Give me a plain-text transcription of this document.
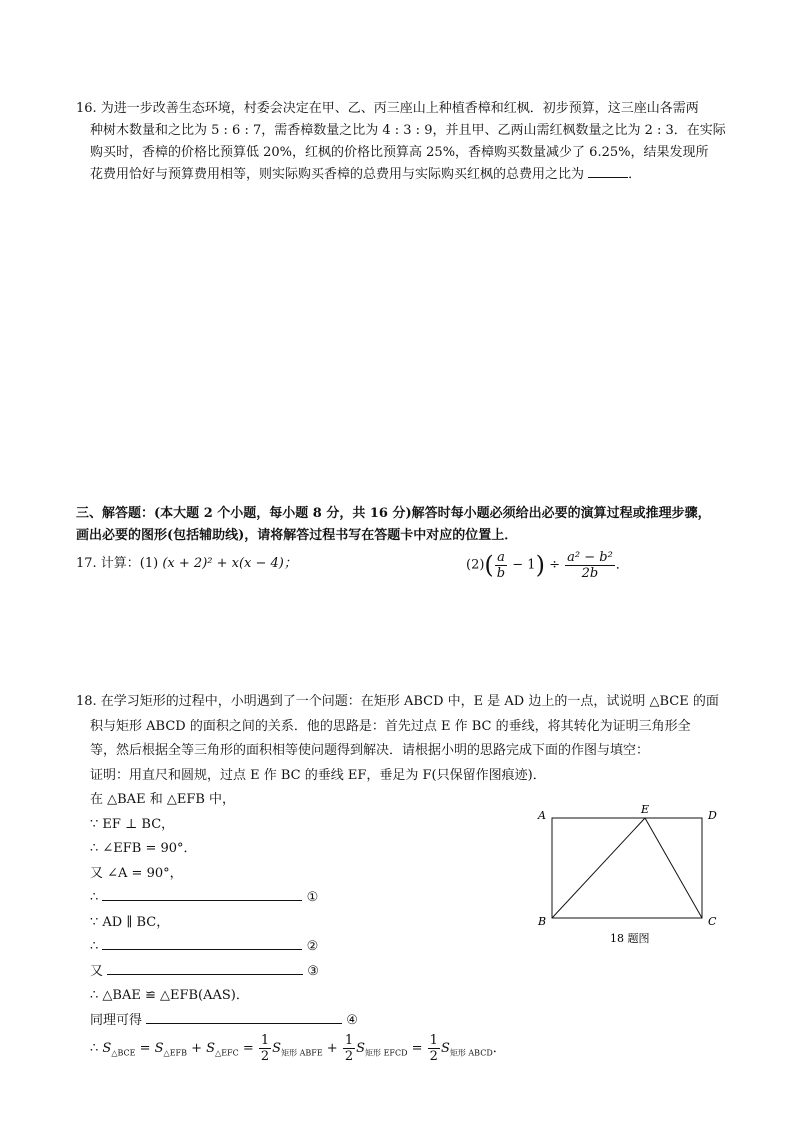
16. 为进一步改善生态环境，村委会决定在甲、乙、丙三座山上种植香樟和红枫．初步预算，这三座山各需两
种树木数量和之比为 5 : 6 : 7，需香樟数量之比为 4 : 3 : 9，并且甲、乙两山需红枫数量之比为 2 : 3．在实际
购买时，香樟的价格比预算低 20%，红枫的价格比预算高 25%，香樟购买数量减少了 6.25%，结果发现所
花费用恰好与预算费用相等，则实际购买香樟的总费用与实际购买红枫的总费用之比为	．
三、解答题：(本大题 2 个小题，每小题 8 分，共 16 分)解答时每小题必须给出必要的演算过程或推理步骤，
画出必要的图形(包括辅助线)，请将解答过程书写在答题卡中对应的位置上．
17. 计算：(1) (x + 2)² + x(x − 4)；	$(2)( \frac{a}{b} - 1) \div \frac{\text{a² − b²}}{2b}$ ．
18. 在学习矩形的过程中，小明遇到了一个问题：在矩形 ABCD 中，E 是 AD 边上的一点，试说明 △BCE 的面
积与矩形 ABCD 的面积之间的关系．他的思路是：首先过点 E 作 BC 的垂线，将其转化为证明三角形全
等，然后根据全等三角形的面积相等使问题得到解决．请根据小明的思路完成下面的作图与填空：
证明：用直尺和圆规，过点 E 作 BC 的垂线 EF，垂足为 F(只保留作图痕迹)．
在 △BAE 和 △EFB 中，
∵ EF ⊥ BC，
∴ ∠EFB = 90°．
又 ∠A = 90°，
∴	①
∵ AD ∥ BC，
∴	②
又	③
∴ △BAE ≌ △EFB(AAS)．
同理可得	④
∴ $S_{\triangle BCE} = S_{\triangle EFB} + S_{\triangle EFC} = \frac{1}{2} S_{矩形 ABFE} + \frac{1}{2} S_{矩形 EFCD} = \frac{1}{2} S_{矩形 ABCD}$．
A	E	D
B	C
18 题图
